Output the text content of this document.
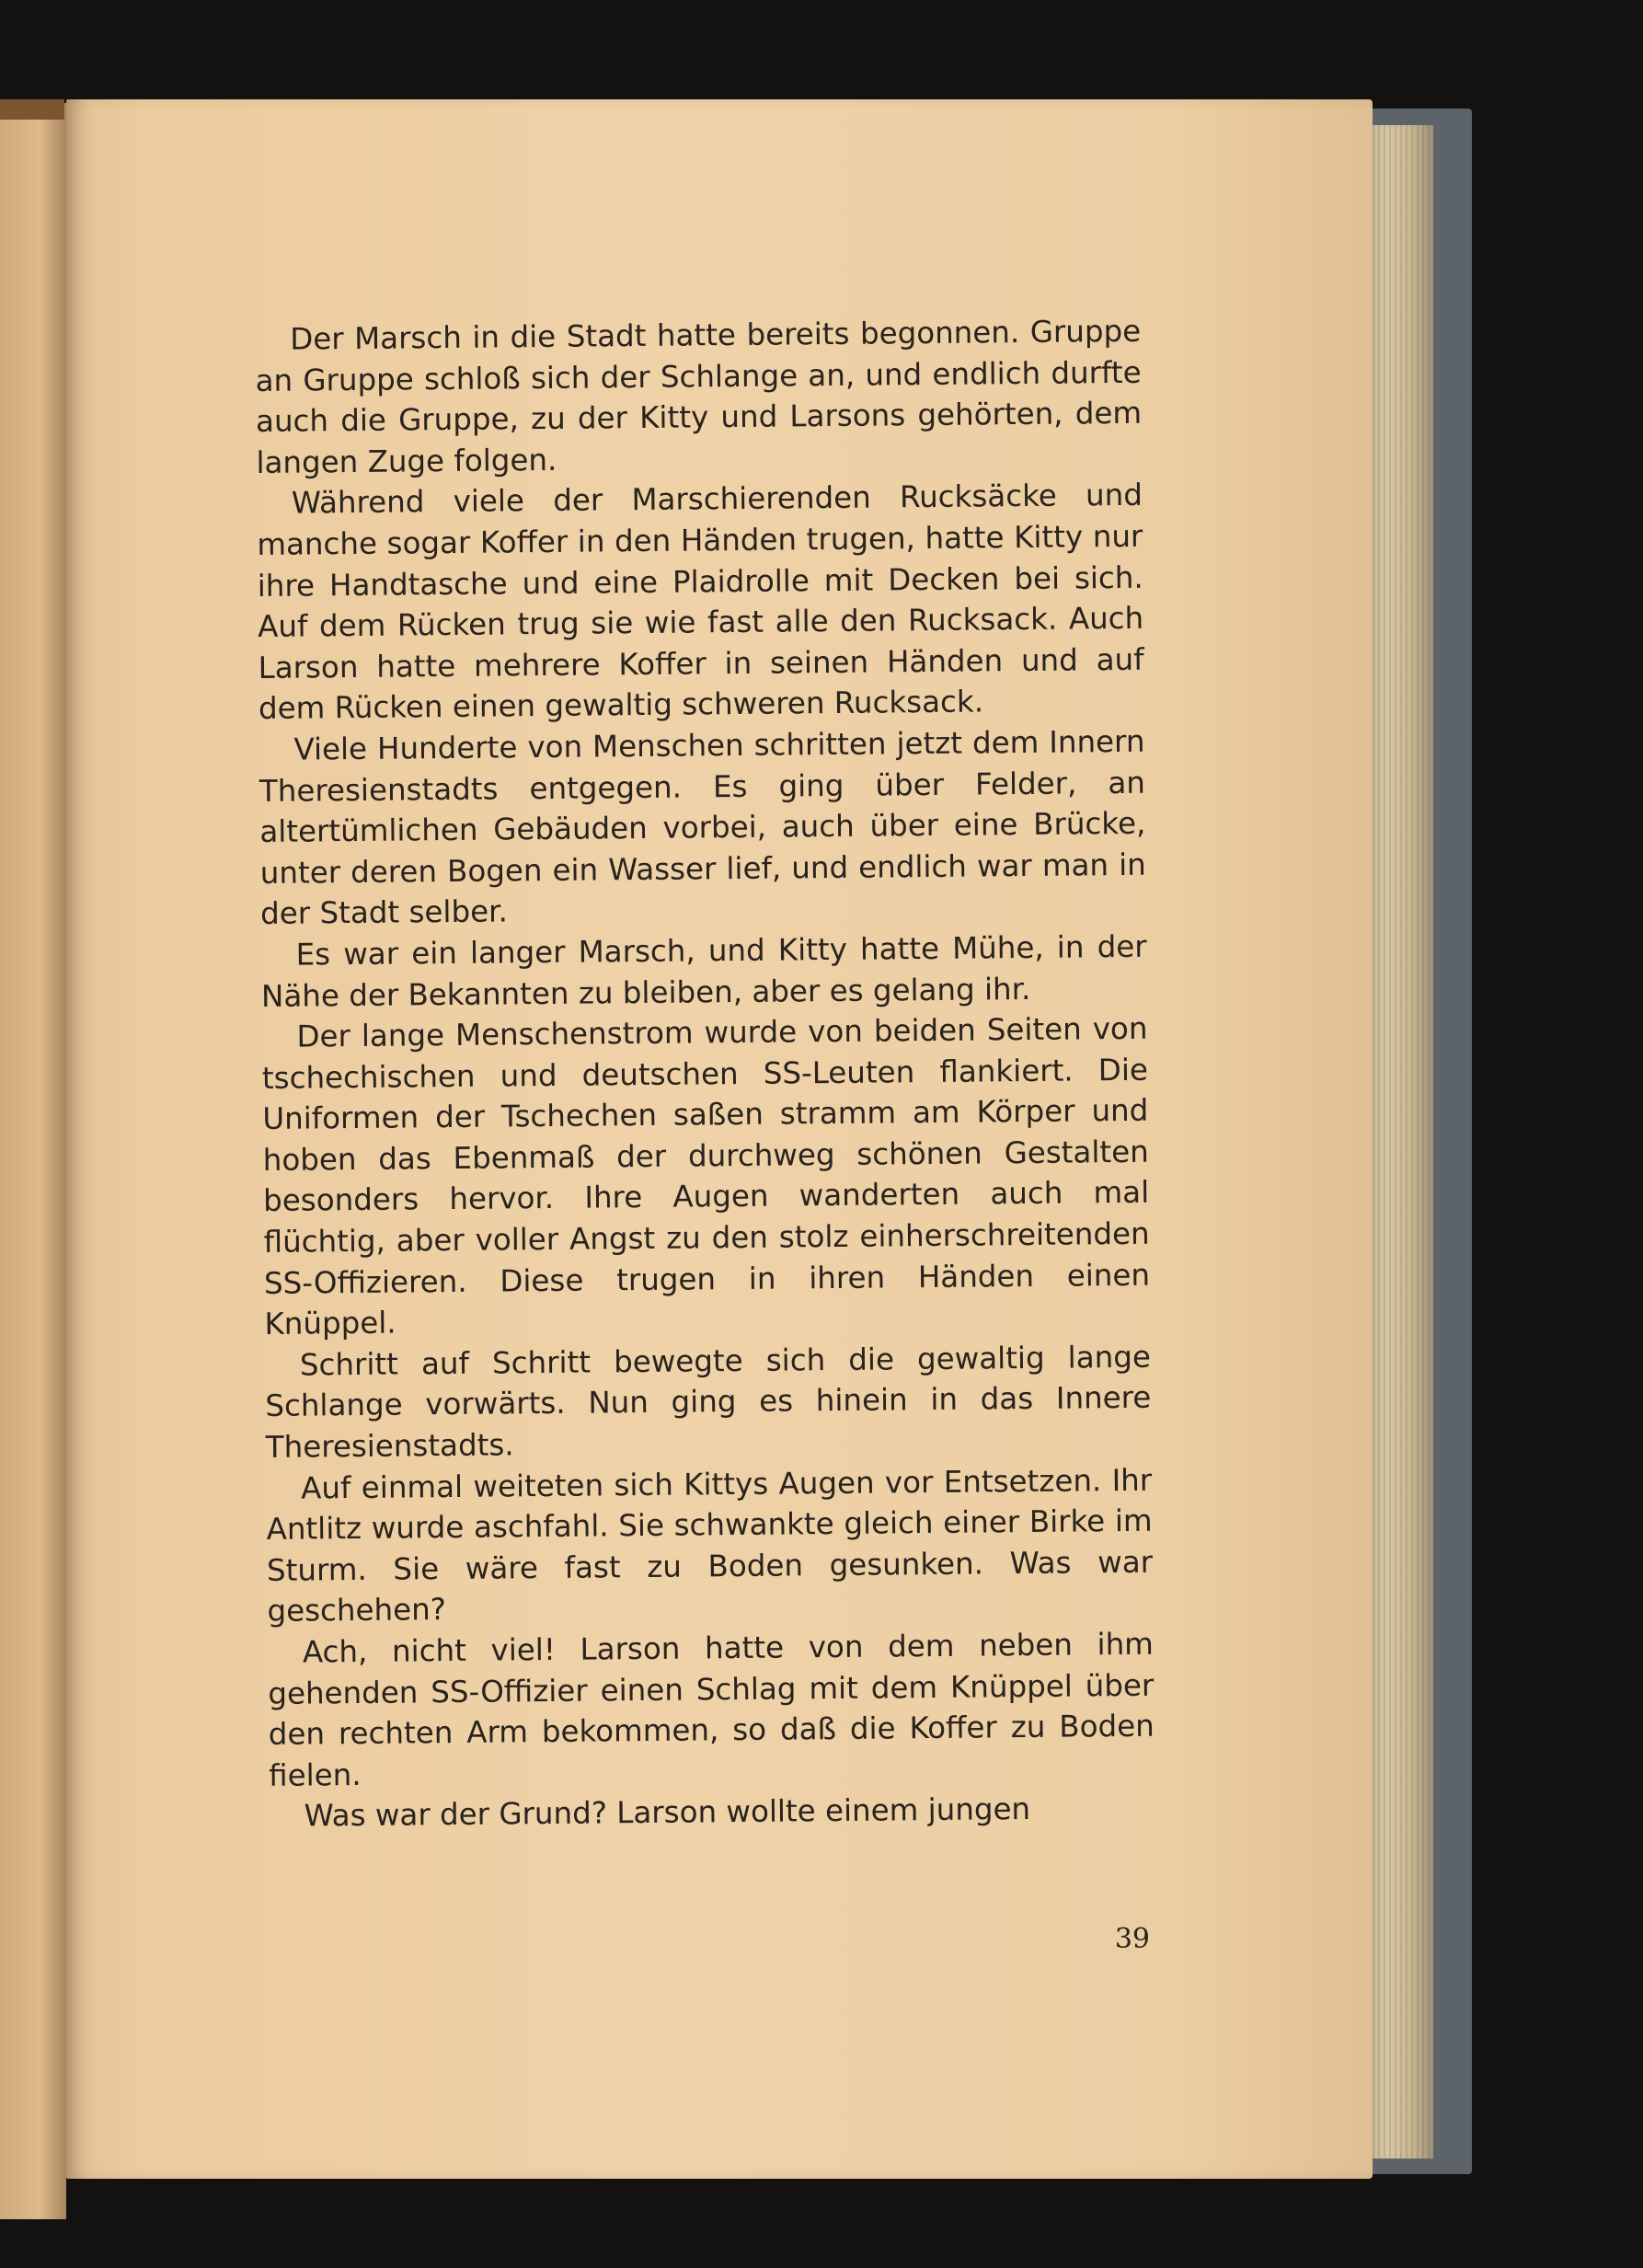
Der Marsch in die Stadt hatte bereits begonnen. Gruppe an Gruppe schloß sich der Schlange an, und endlich durfte auch die Gruppe, zu der Kitty und Larsons gehörten, dem langen Zuge folgen.

Während viele der Marschierenden Rucksäcke und manche sogar Koffer in den Händen trugen, hatte Kitty nur ihre Handtasche und eine Plaidrolle mit Decken bei sich. Auf dem Rücken trug sie wie fast alle den Rucksack. Auch Larson hatte mehrere Koffer in seinen Händen und auf dem Rücken einen gewaltig schweren Rucksack.

Viele Hunderte von Menschen schritten jetzt dem Innern Theresienstadts entgegen. Es ging über Felder, an altertümlichen Gebäuden vorbei, auch über eine Brücke, unter deren Bogen ein Wasser lief, und endlich war man in der Stadt selber.

Es war ein langer Marsch, und Kitty hatte Mühe, in der Nähe der Bekannten zu bleiben, aber es gelang ihr.

Der lange Menschenstrom wurde von beiden Seiten von tschechischen und deutschen SS-Leuten flankiert. Die Uniformen der Tschechen saßen stramm am Körper und hoben das Ebenmaß der durchweg schönen Gestalten besonders hervor. Ihre Augen wanderten auch mal flüchtig, aber voller Angst zu den stolz einherschreitenden SS-Offizieren. Diese trugen in ihren Händen einen Knüppel.

Schritt auf Schritt bewegte sich die gewaltig lange Schlange vorwärts. Nun ging es hinein in das Innere Theresienstadts.

Auf einmal weiteten sich Kittys Augen vor Entsetzen. Ihr Antlitz wurde aschfahl. Sie schwankte gleich einer Birke im Sturm. Sie wäre fast zu Boden gesunken. Was war geschehen?

Ach, nicht viel! Larson hatte von dem neben ihm gehenden SS-Offizier einen Schlag mit dem Knüppel über den rechten Arm bekommen, so daß die Koffer zu Boden fielen.

Was war der Grund? Larson wollte einem jungen

39
